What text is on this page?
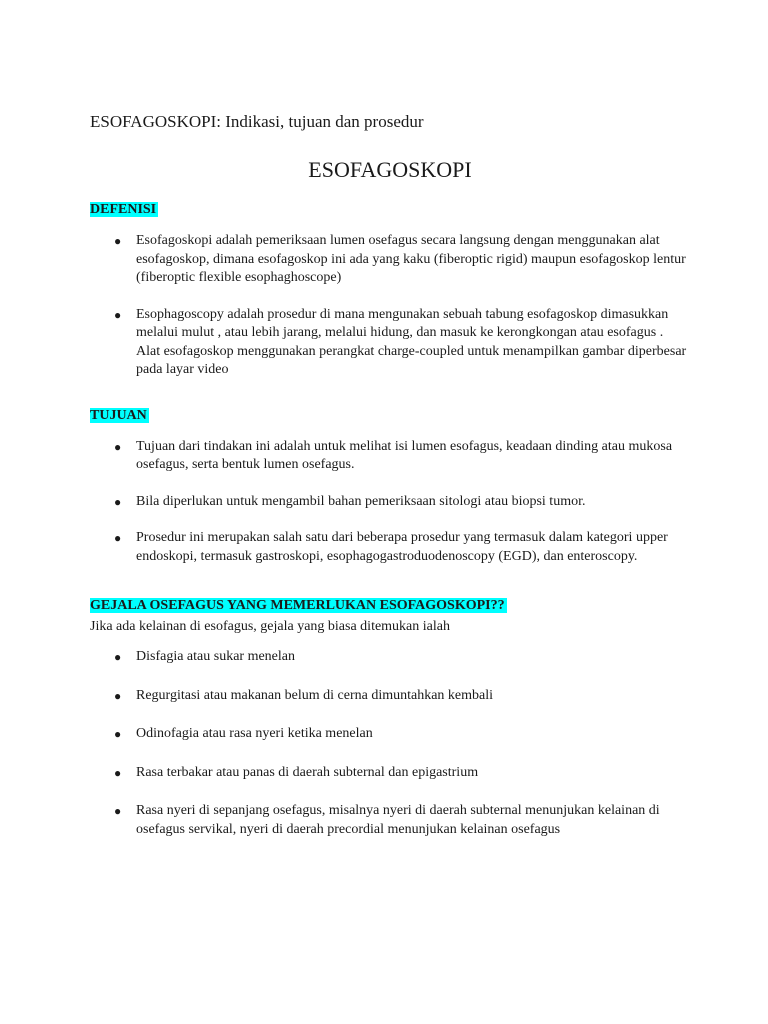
ESOFAGOSKOPI: Indikasi, tujuan dan prosedur

ESOFAGOSKOPI

DEFENISI

● Esofagoskopi adalah pemeriksaan lumen osefagus secara langsung dengan menggunakan alat esofagoskop, dimana esofagoskop ini ada yang kaku (fiberoptic rigid) maupun esofagoskop lentur (fiberoptic flexible esophaghoscope)
● Esophagoscopy adalah prosedur di mana mengunakan sebuah tabung esofagoskop dimasukkan melalui mulut , atau lebih jarang, melalui hidung, dan masuk ke kerongkongan atau esofagus . Alat esofagoskop menggunakan perangkat charge-coupled untuk menampilkan gambar diperbesar pada layar video

TUJUAN

● Tujuan dari tindakan ini adalah untuk melihat isi lumen esofagus, keadaan dinding atau mukosa osefagus, serta bentuk lumen osefagus.
● Bila diperlukan untuk mengambil bahan pemeriksaan sitologi atau biopsi tumor.
● Prosedur ini merupakan salah satu dari beberapa prosedur yang termasuk dalam kategori upper endoskopi, termasuk gastroskopi, esophagogastroduodenoscopy (EGD), dan enteroscopy.

GEJALA OSEFAGUS YANG MEMERLUKAN ESOFAGOSKOPI??

Jika ada kelainan di esofagus, gejala yang biasa ditemukan ialah

● Disfagia atau sukar menelan
● Regurgitasi atau makanan belum di cerna dimuntahkan kembali
● Odinofagia atau rasa nyeri ketika menelan
● Rasa terbakar atau panas di daerah subternal dan epigastrium
● Rasa nyeri di sepanjang osefagus, misalnya nyeri di daerah subternal menunjukan kelainan di osefagus servikal, nyeri di daerah precordial menunjukan kelainan osefagus
